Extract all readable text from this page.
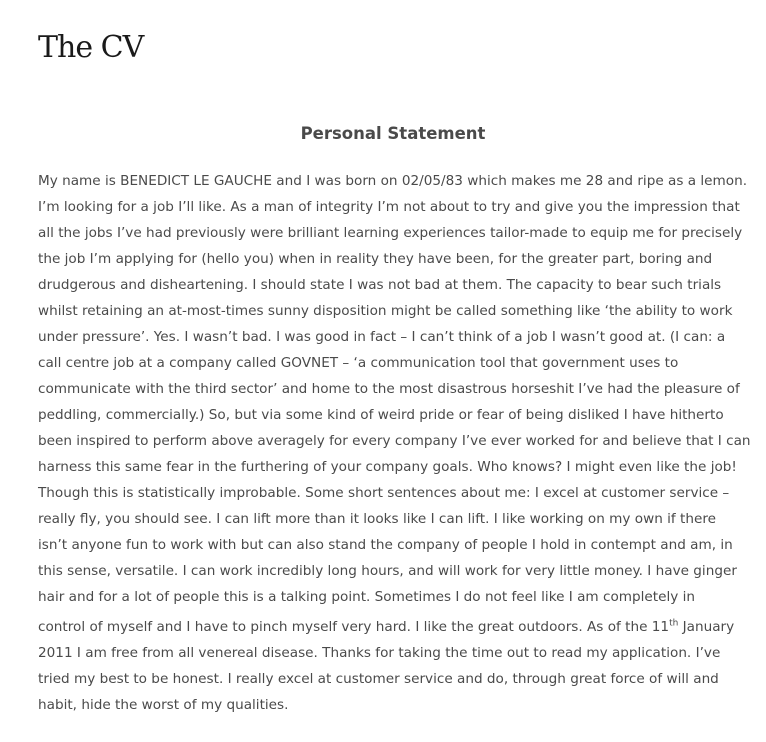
The CV
Personal Statement
My name is BENEDICT LE GAUCHE and I was born on 02/05/83 which makes me 28 and ripe as a lemon.
I’m looking for a job I’ll like. As a man of integrity I’m not about to try and give you the impression that
all the jobs I’ve had previously were brilliant learning experiences tailor-made to equip me for precisely
the job I’m applying for (hello you) when in reality they have been, for the greater part, boring and
drudgerous and disheartening. I should state I was not bad at them. The capacity to bear such trials
whilst retaining an at-most-times sunny disposition might be called something like ‘the ability to work
under pressure’. Yes. I wasn’t bad. I was good in fact – I can’t think of a job I wasn’t good at. (I can: a
call centre job at a company called GOVNET – ‘a communication tool that government uses to
communicate with the third sector’ and home to the most disastrous horseshit I’ve had the pleasure of
peddling, commercially.) So, but via some kind of weird pride or fear of being disliked I have hitherto
been inspired to perform above averagely for every company I’ve ever worked for and believe that I can
harness this same fear in the furthering of your company goals. Who knows? I might even like the job!
Though this is statistically improbable. Some short sentences about me: I excel at customer service –
really fly, you should see. I can lift more than it looks like I can lift. I like working on my own if there
isn’t anyone fun to work with but can also stand the company of people I hold in contempt and am, in
this sense, versatile. I can work incredibly long hours, and will work for very little money. I have ginger
hair and for a lot of people this is a talking point. Sometimes I do not feel like I am completely in
control of myself and I have to pinch myself very hard. I like the great outdoors. As of the 11th January
2011 I am free from all venereal disease. Thanks for taking the time out to read my application. I’ve
tried my best to be honest. I really excel at customer service and do, through great force of will and
habit, hide the worst of my qualities.
